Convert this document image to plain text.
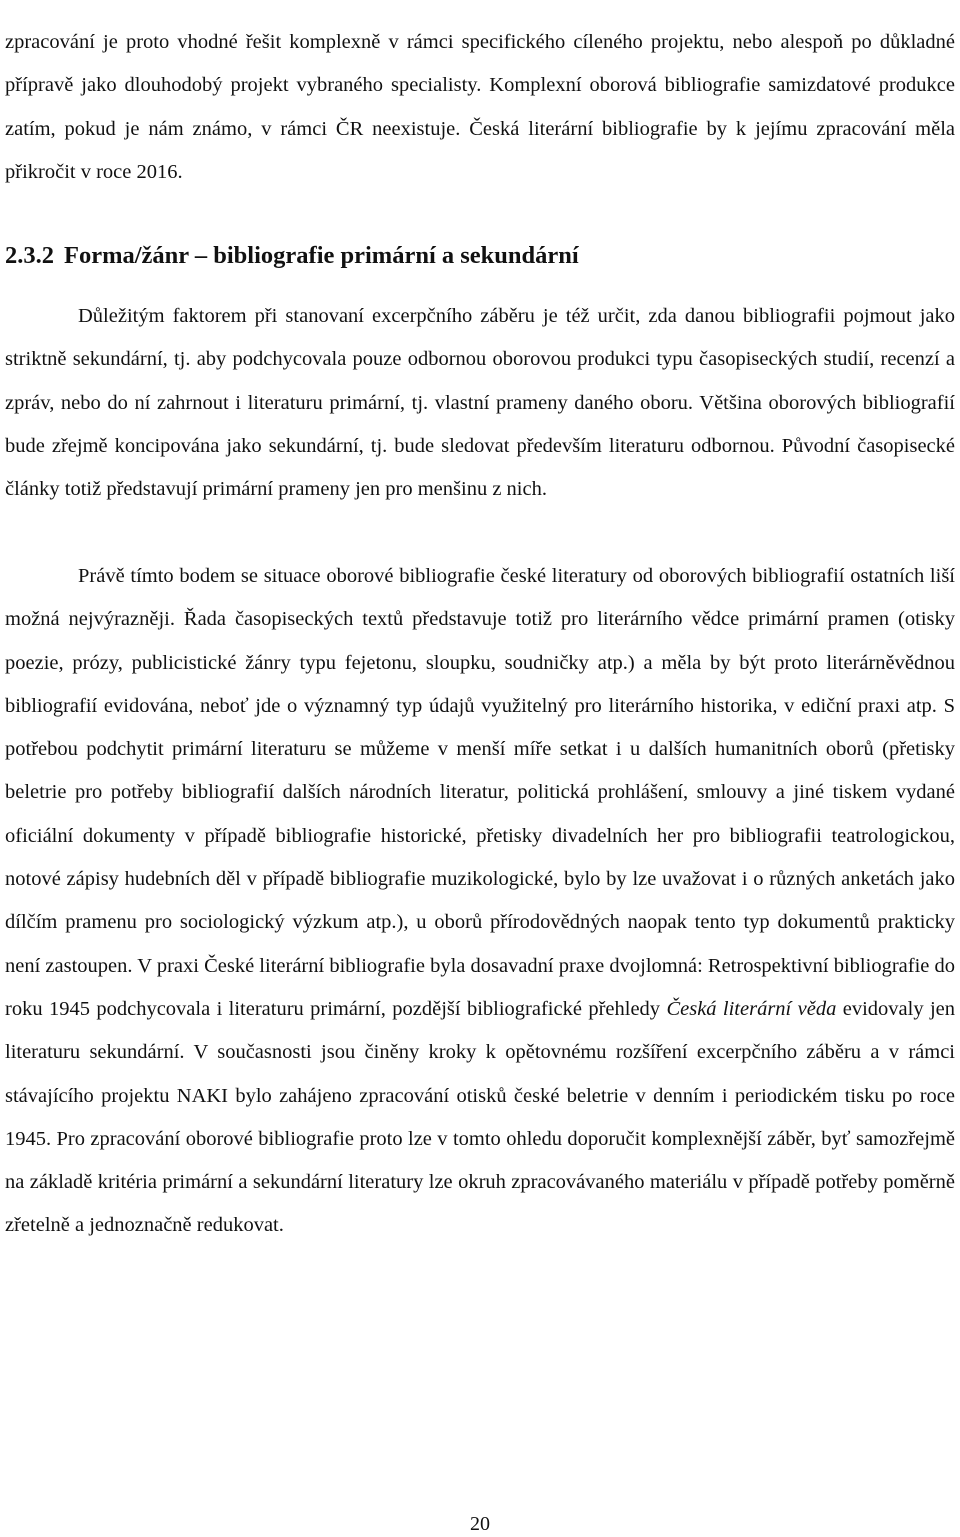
zpracování je proto vhodné řešit komplexně v rámci specifického cíleného projektu, nebo alespoň po důkladné přípravě jako dlouhodobý projekt vybraného specialisty. Komplexní oborová bibliografie samizdatové produkce zatím, pokud je nám známo, v rámci ČR neexistuje. Česká literární bibliografie by k jejímu zpracování měla přikročit v roce 2016.

2.3.2 Forma/žánr – bibliografie primární a sekundární

Důležitým faktorem při stanovaní excerpčního záběru je též určit, zda danou bibliografii pojmout jako striktně sekundární, tj. aby podchycovala pouze odbornou oborovou produkci typu časopiseckých studií, recenzí a zpráv, nebo do ní zahrnout i literaturu primární, tj. vlastní prameny daného oboru. Většina oborových bibliografií bude zřejmě koncipována jako sekundární, tj. bude sledovat především literaturu odbornou. Původní časopisecké články totiž představují primární prameny jen pro menšinu z nich.

Právě tímto bodem se situace oborové bibliografie české literatury od oborových bibliografií ostatních liší možná nejvýrazněji. Řada časopiseckých textů představuje totiž pro literárního vědce primární pramen (otisky poezie, prózy, publicistické žánry typu fejetonu, sloupku, soudničky atp.) a měla by být proto literárněvědnou bibliografií evidována, neboť jde o významný typ údajů využitelný pro literárního historika, v ediční praxi atp. S potřebou podchytit primární literaturu se můžeme v menší míře setkat i u dalších humanitních oborů (přetisky beletrie pro potřeby bibliografií dalších národních literatur, politická prohlášení, smlouvy a jiné tiskem vydané oficiální dokumenty v případě bibliografie historické, přetisky divadelních her pro bibliografii teatrologickou, notové zápisy hudebních děl v případě bibliografie muzikologické, bylo by lze uvažovat i o různých anketách jako dílčím pramenu pro sociologický výzkum atp.), u oborů přírodovědných naopak tento typ dokumentů prakticky není zastoupen. V praxi České literární bibliografie byla dosavadní praxe dvojlomná: Retrospektivní bibliografie do roku 1945 podchycovala i literaturu primární, pozdější bibliografické přehledy Česká literární věda evidovaly jen literaturu sekundární. V současnosti jsou činěny kroky k opětovnému rozšíření excerpčního záběru a v rámci stávajícího projektu NAKI bylo zahájeno zpracování otisků české beletrie v denním i periodickém tisku po roce 1945. Pro zpracování oborové bibliografie proto lze v tomto ohledu doporučit komplexnější záběr, byť samozřejmě na základě kritéria primární a sekundární literatury lze okruh zpracovávaného materiálu v případě potřeby poměrně zřetelně a jednoznačně redukovat.

20
